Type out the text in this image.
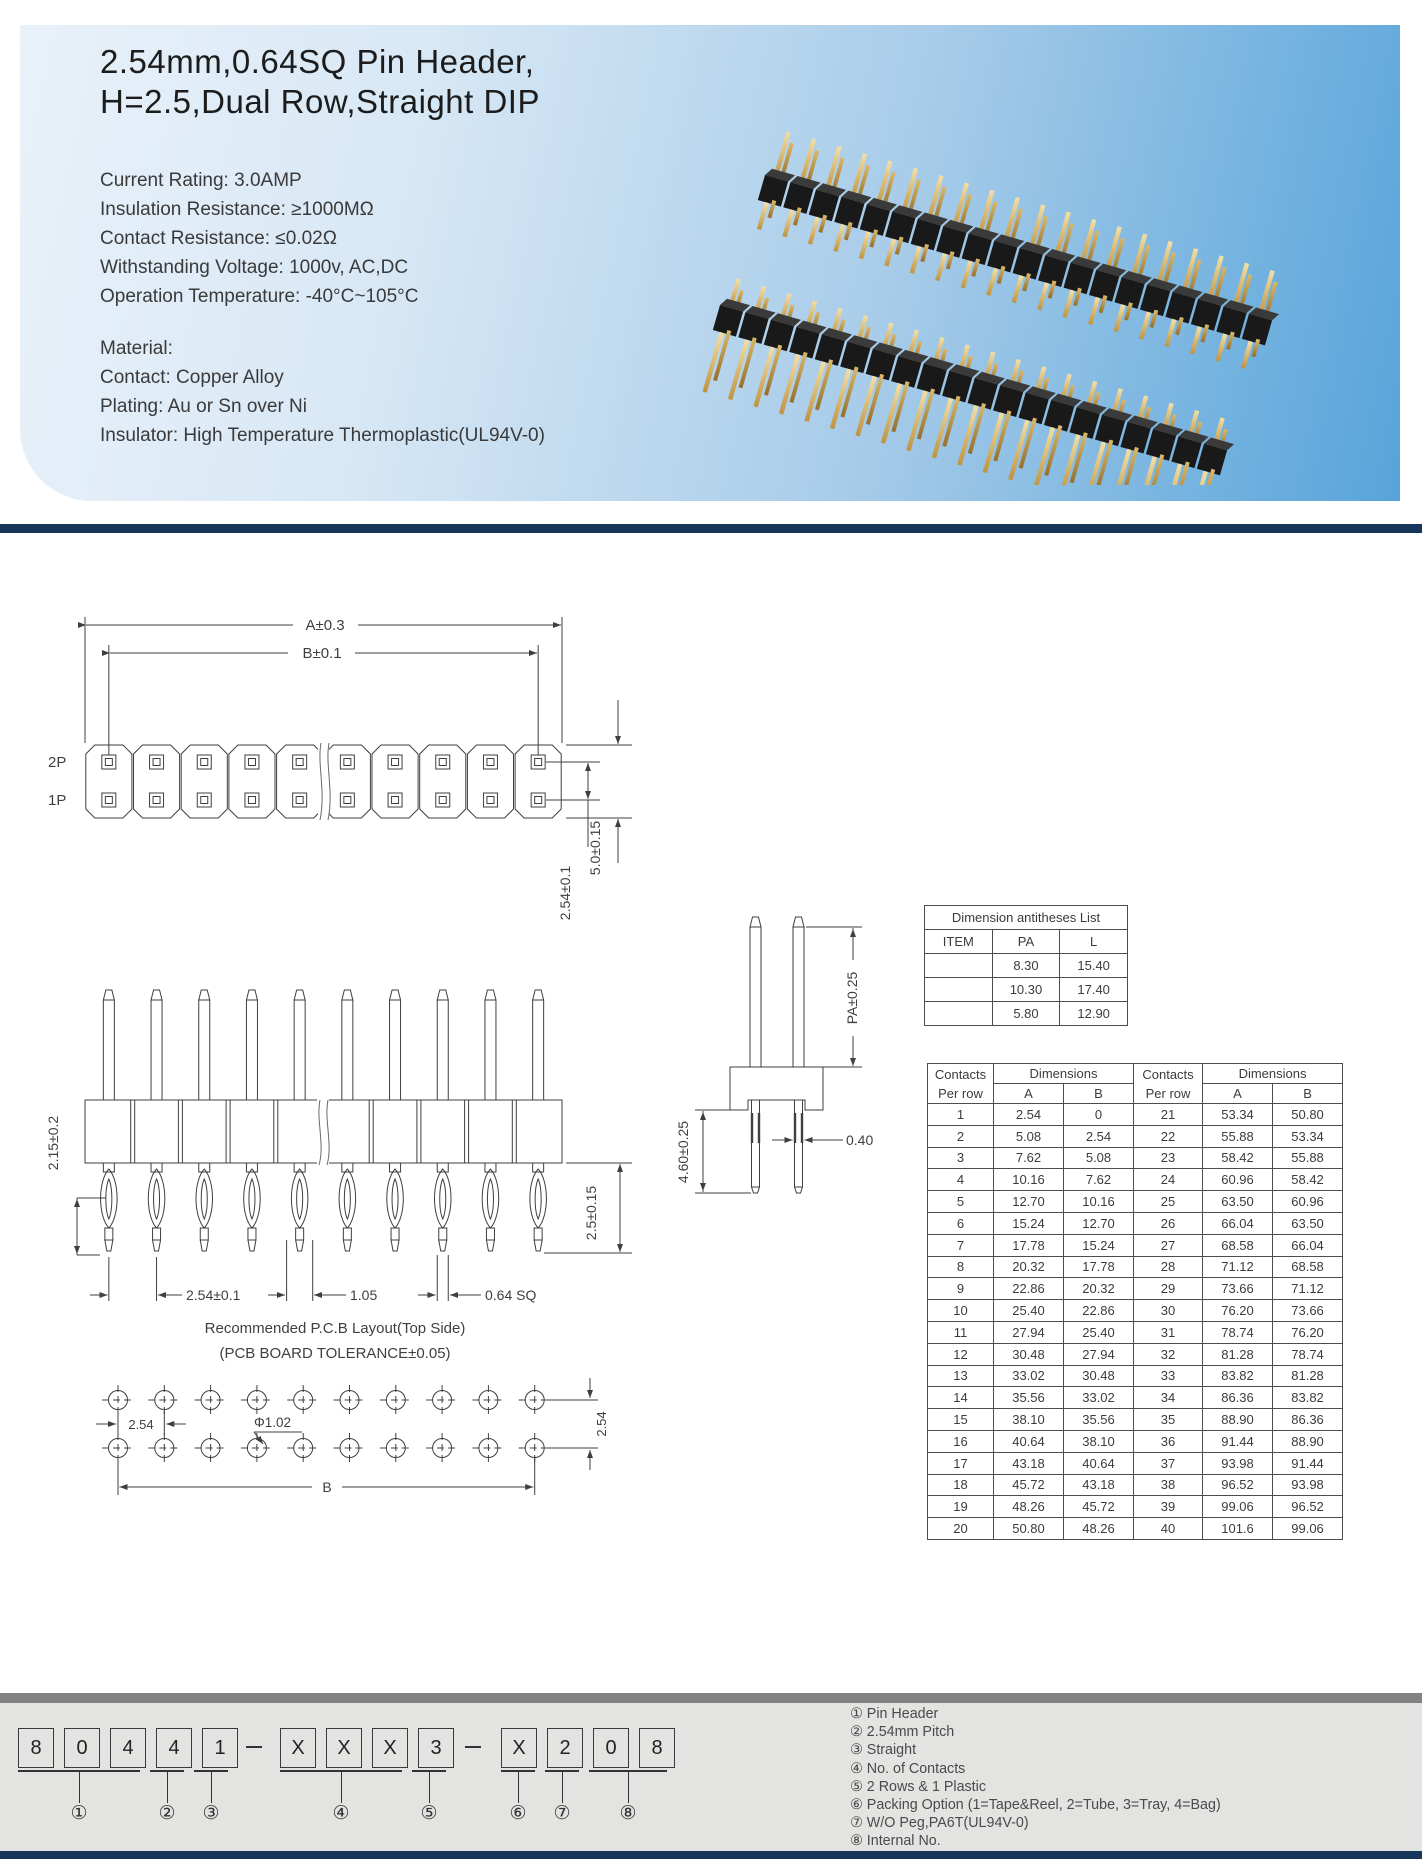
2.54mm,0.64SQ Pin Header,
H=2.5,Dual Row,Straight DIP
Current Rating: 3.0AMP
Insulation Resistance: ≥1000MΩ
Contact Resistance: ≤0.02Ω
Withstanding Voltage: 1000v, AC,DC
Operation Temperature: -40°C~105°C
Material:
Contact: Copper Alloy
Plating: Au or Sn over Ni
Insulator: High Temperature Thermoplastic(UL94V-0)
A±0.3
B±0.1
2P
1P
5.0±0.15
2.54±0.1
2.15±0.2
2.54±0.1	1.05	0.64 SQ
2.5±0.15
PA±0.25
4.60±0.25	0.40
Recommended P.C.B Layout(Top Side)
(PCB BOARD TOLERANCE±0.05)
2.54	Φ1.02	2.54
B
Dimension antitheses List		
ITEM	PA	L
	8.30	15.40
	10.30	17.40
	5.80	12.90
Contacts
Per row	Dimensions		Contacts
Per row	Dimensions	
	A	B		A	B
1	2.54	0	21	53.34	50.80
2	5.08	2.54	22	55.88	53.34
3	7.62	5.08	23	58.42	55.88
4	10.16	7.62	24	60.96	58.42
5	12.70	10.16	25	63.50	60.96
6	15.24	12.70	26	66.04	63.50
7	17.78	15.24	27	68.58	66.04
8	20.32	17.78	28	71.12	68.58
9	22.86	20.32	29	73.66	71.12
10	25.40	22.86	30	76.20	73.66
11	27.94	25.40	31	78.74	76.20
12	30.48	27.94	32	81.28	78.74
13	33.02	30.48	33	83.82	81.28
14	35.56	33.02	34	86.36	83.82
15	38.10	35.56	35	88.90	86.36
16	40.64	38.10	36	91.44	88.90
17	43.18	40.64	37	93.98	91.44
18	45.72	43.18	38	96.52	93.98
19	48.26	45.72	39	99.06	96.52
20	50.80	48.26	40	101.6	99.06
8	0	4	4	1	X	X	X	3	X	2	0	8
①	② ③	④	⑤	⑥ ⑦	⑧
① Pin Header
② 2.54mm Pitch
③ Straight
④ No. of Contacts
⑤ 2 Rows & 1 Plastic
⑥ Packing Option (1=Tape&Reel, 2=Tube, 3=Tray, 4=Bag)
⑦ W/O Peg,PA6T(UL94V-0)
⑧ Internal No.
